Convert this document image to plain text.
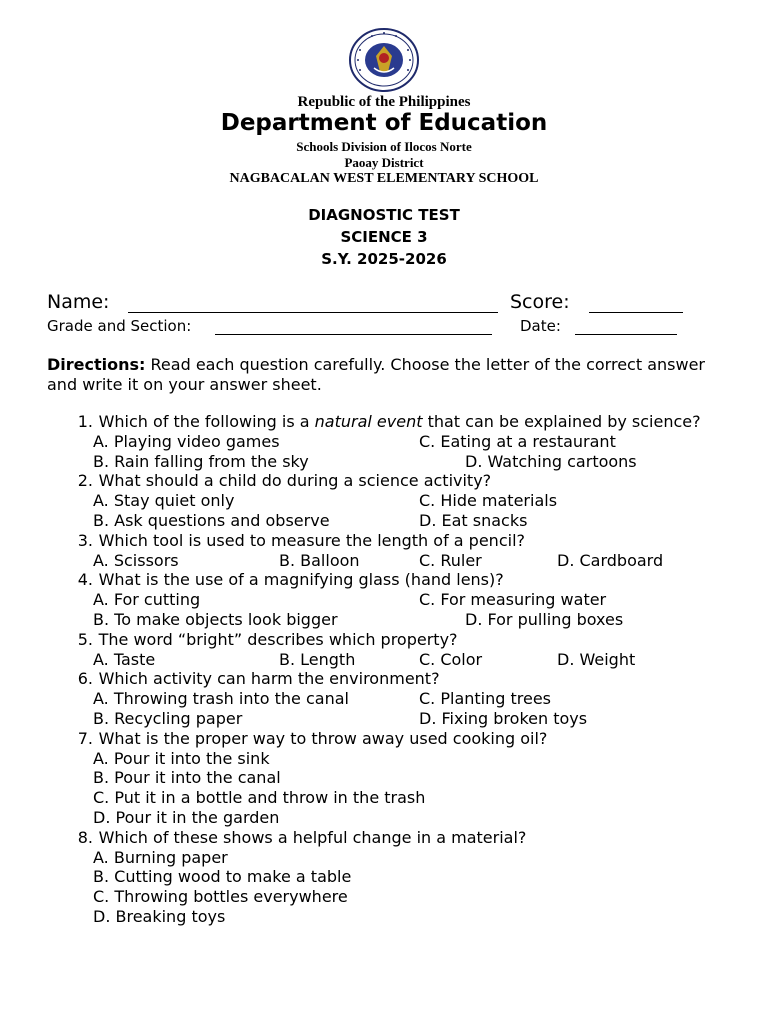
Republic of the Philippines
Department of Education
Schools Division of Ilocos Norte
Paoay District
NAGBACALAN WEST ELEMENTARY SCHOOL
DIAGNOSTIC TEST
SCIENCE 3
S.Y. 2025-2026
Name:	Score:
Grade and Section:	Date:
Directions: Read each question carefully. Choose the letter of the correct answer and write it on your answer sheet.
1. Which of the following is a natural event that can be explained by science?
A. Playing video games	C. Eating at a restaurant
B. Rain falling from the sky	D. Watching cartoons
2. What should a child do during a science activity?
A. Stay quiet only	C. Hide materials
B. Ask questions and observe	D. Eat snacks
3. Which tool is used to measure the length of a pencil?
A. Scissors	B. Balloon	C. Ruler	D. Cardboard
4. What is the use of a magnifying glass (hand lens)?
A. For cutting	C. For measuring water
B. To make objects look bigger	D. For pulling boxes
5. The word “bright” describes which property?
A. Taste	B. Length	C. Color	D. Weight
6. Which activity can harm the environment?
A. Throwing trash into the canal	C. Planting trees
B. Recycling paper	D. Fixing broken toys
7. What is the proper way to throw away used cooking oil?
A. Pour it into the sink
B. Pour it into the canal
C. Put it in a bottle and throw in the trash
D. Pour it in the garden
8. Which of these shows a helpful change in a material?
A. Burning paper
B. Cutting wood to make a table
C. Throwing bottles everywhere
D. Breaking toys
